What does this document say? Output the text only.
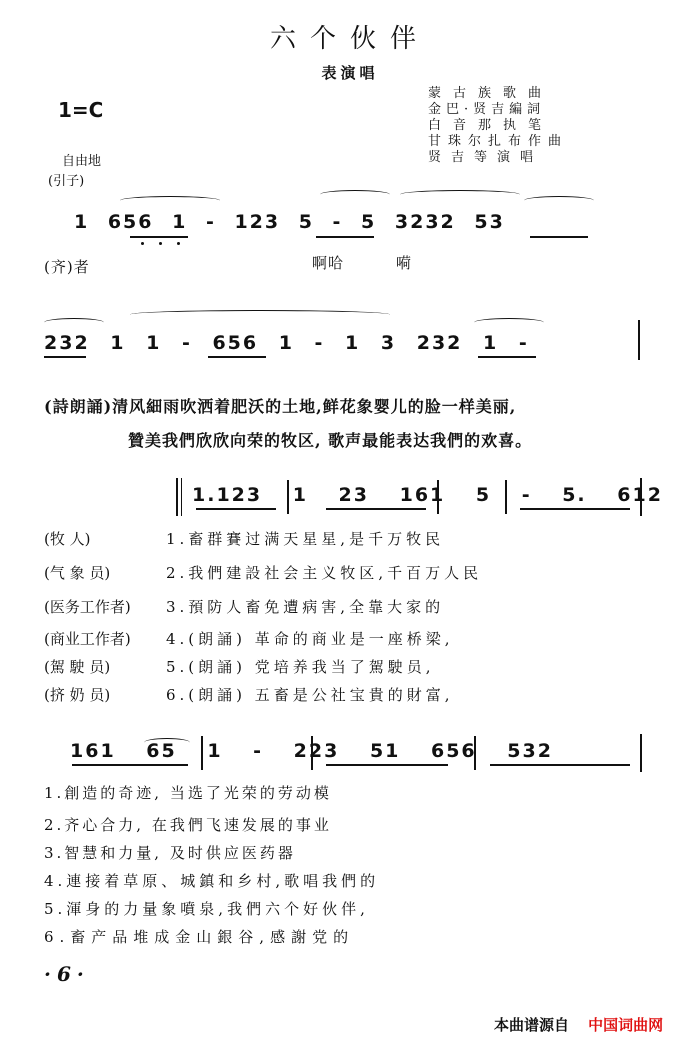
六个伙伴
表演唱
1=C
蒙古族歌曲
金巴·贤吉編詞
白音那执笔
甘珠尔扎布作曲
贤吉等演唱
自由地
(引子)
1 656 1 - 123 5 - 5 3232 53
(齐)者	啊哈	嗬
232 1 1 - 656 1 - 1 3 232 1 -
(詩朗誦)清风細雨吹洒着肥沃的土地,鲜花象婴儿的脸一样美丽,
贊美我們欣欣向荣的牧区, 歌声最能表达我們的欢喜。
1.123 1 23 161 5 - 5. 612
(牧 人)	1.畜群賽过满天星星,是千万牧民
(气 象 员)	2.我們建設社会主义牧区,千百万人民
(医务工作者) 3.預防人畜免遭病害,全靠大家的
(商业工作者) 4.(朗誦) 革命的商业是一座桥梁,
(駕 駛 员)	5.(朗誦) 党培养我当了駕駛员,
(挤 奶 员)	6.(朗誦) 五畜是公社宝貴的財富,
161 65 1 - 223 51 656 532
1.創造的奇迹, 当选了光荣的劳动模
2.齐心合力, 在我們飞速发展的事业
3.智慧和力量, 及时供应医药器
4.連接着草原、城鎮和乡村,歌唱我們的
5.渾身的力量象噴泉,我們六个好伙伴,
6.畜产品堆成金山銀谷,感謝党的
·6·
本曲谱源自 中国词曲网
